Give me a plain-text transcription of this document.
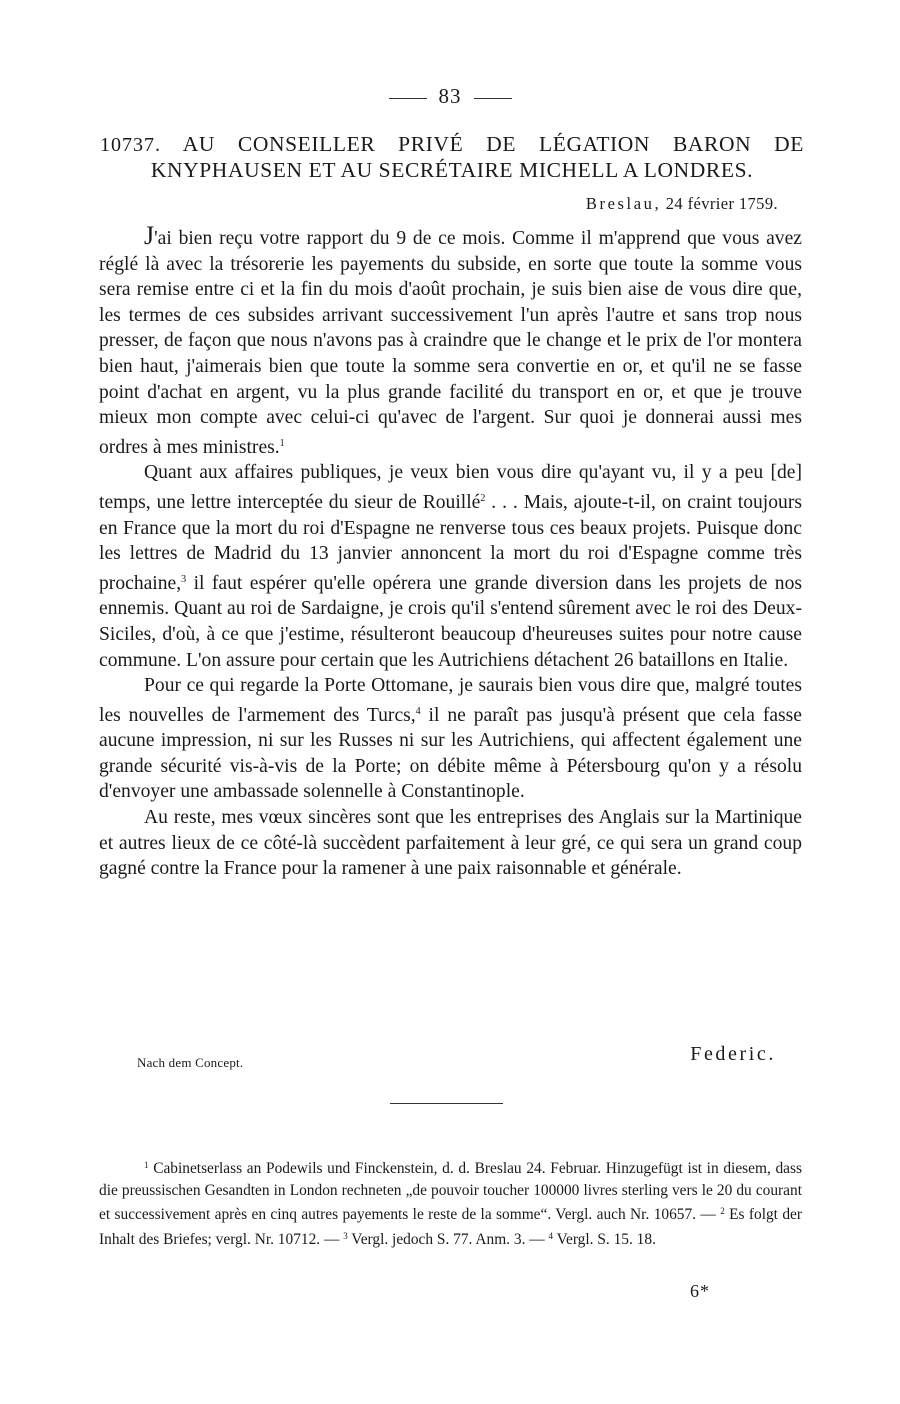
83
10737. AU CONSEILLER PRIVÉ DE LÉGATION BARON DE KNYPHAUSEN ET AU SECRÉTAIRE MICHELL A LONDRES.
Breslau, 24 février 1759.

J'ai bien reçu votre rapport du 9 de ce mois. Comme il m'apprend que vous avez réglé là avec la trésorerie les payements du subside, en sorte que toute la somme vous sera remise entre ci et la fin du mois d'août prochain, je suis bien aise de vous dire que, les termes de ces subsides arrivant successivement l'un après l'autre et sans trop nous presser, de façon que nous n'avons pas à craindre que le change et le prix de l'or montera bien haut, j'aimerais bien que toute la somme sera convertie en or, et qu'il ne se fasse point d'achat en argent, vu la plus grande facilité du transport en or, et que je trouve mieux mon compte avec celui-ci qu'avec de l'argent. Sur quoi je donnerai aussi mes ordres à mes ministres.$^1$

Quant aux affaires publiques, je veux bien vous dire qu'ayant vu, il y a peu [de] temps, une lettre interceptée du sieur de Rouillé$^2$ . . . Mais, ajoute-t-il, on craint toujours en France que la mort du roi d'Espagne ne renverse tous ces beaux projets. Puisque donc les lettres de Madrid du 13 janvier annoncent la mort du roi d'Espagne comme très prochaine,$^3$ il faut espérer qu'elle opérera une grande diversion dans les projets de nos ennemis. Quant au roi de Sardaigne, je crois qu'il s'entend sûrement avec le roi des Deux-Siciles, d'où, à ce que j'estime, résulteront beaucoup d'heureuses suites pour notre cause commune. L'on assure pour certain que les Autrichiens détachent 26 bataillons en Italie.

Pour ce qui regarde la Porte Ottomane, je saurais bien vous dire que, malgré toutes les nouvelles de l'armement des Turcs,$^4$ il ne paraît pas jusqu'à présent que cela fasse aucune impression, ni sur les Russes ni sur les Autrichiens, qui affectent également une grande sécurité vis-à-vis de la Porte; on débite même à Pétersbourg qu'on y a résolu d'envoyer une ambassade solennelle à Constantinople.

Au reste, mes vœux sincères sont que les entreprises des Anglais sur la Martinique et autres lieux de ce côté-là succèdent parfaitement à leur gré, ce qui sera un grand coup gagné contre la France pour la ramener à une paix raisonnable et générale.

Nach dem Concept.	Federic.

$^1$ Cabinetserlass an Podewils und Finckenstein, d. d. Breslau 24. Februar. Hinzugefügt ist in diesem, dass die preussischen Gesandten in London rechneten „de pouvoir toucher 100000 livres sterling vers le 20 du courant et successivement après en cinq autres payements le reste de la somme“. Vergl. auch Nr. 10657. — $^2$ Es folgt der Inhalt des Briefes; vergl. Nr. 10712. — $^3$ Vergl. jedoch S. 77. Anm. 3. — $^4$ Vergl. S. 15. 18.

6*
